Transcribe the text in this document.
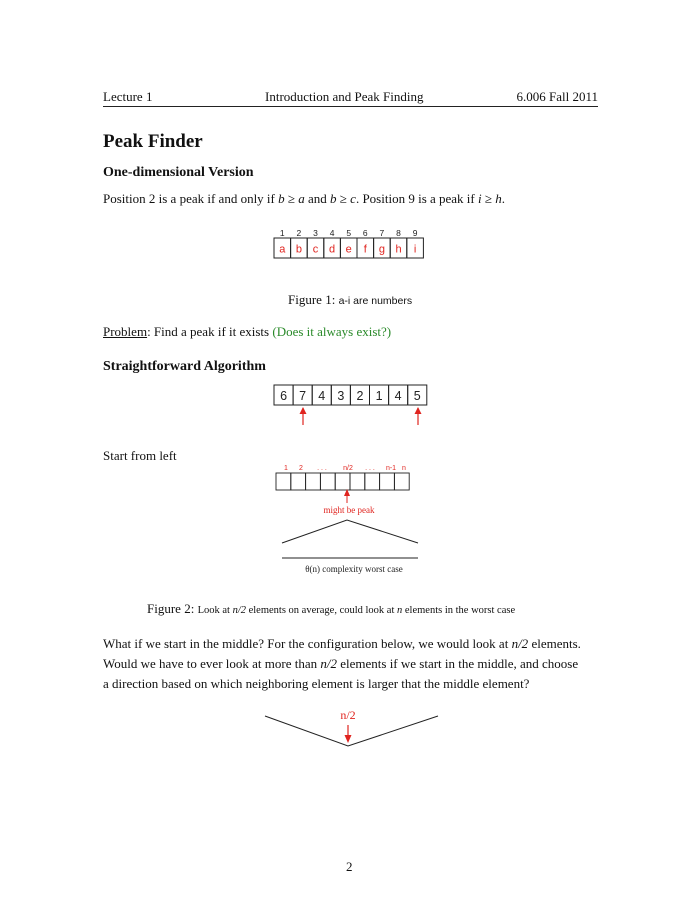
Lecture 1	Introduction and Peak Finding	6.006 Fall 2011
Peak Finder
One-dimensional Version
Position 2 is a peak if and only if b ≥ a and b ≥ c. Position 9 is a peak if i ≥ h.
1 2 3 4 5 6 7 8 9
a b c d e f g h i
Figure 1: a-i are numbers
Problem: Find a peak if it exists (Does it always exist?)
Straightforward Algorithm
6 7 4 3 2 1 4 5
Start from left
1 2 . . . n/2 . . . n-1 n
might be peak
θ(n) complexity worst case
Figure 2: Look at n/2 elements on average, could look at n elements in the worst case
What if we start in the middle? For the configuration below, we would look at n/2 elements.
Would we have to ever look at more than n/2 elements if we start in the middle, and choose
a direction based on which neighboring element is larger that the middle element?
n/2
2
